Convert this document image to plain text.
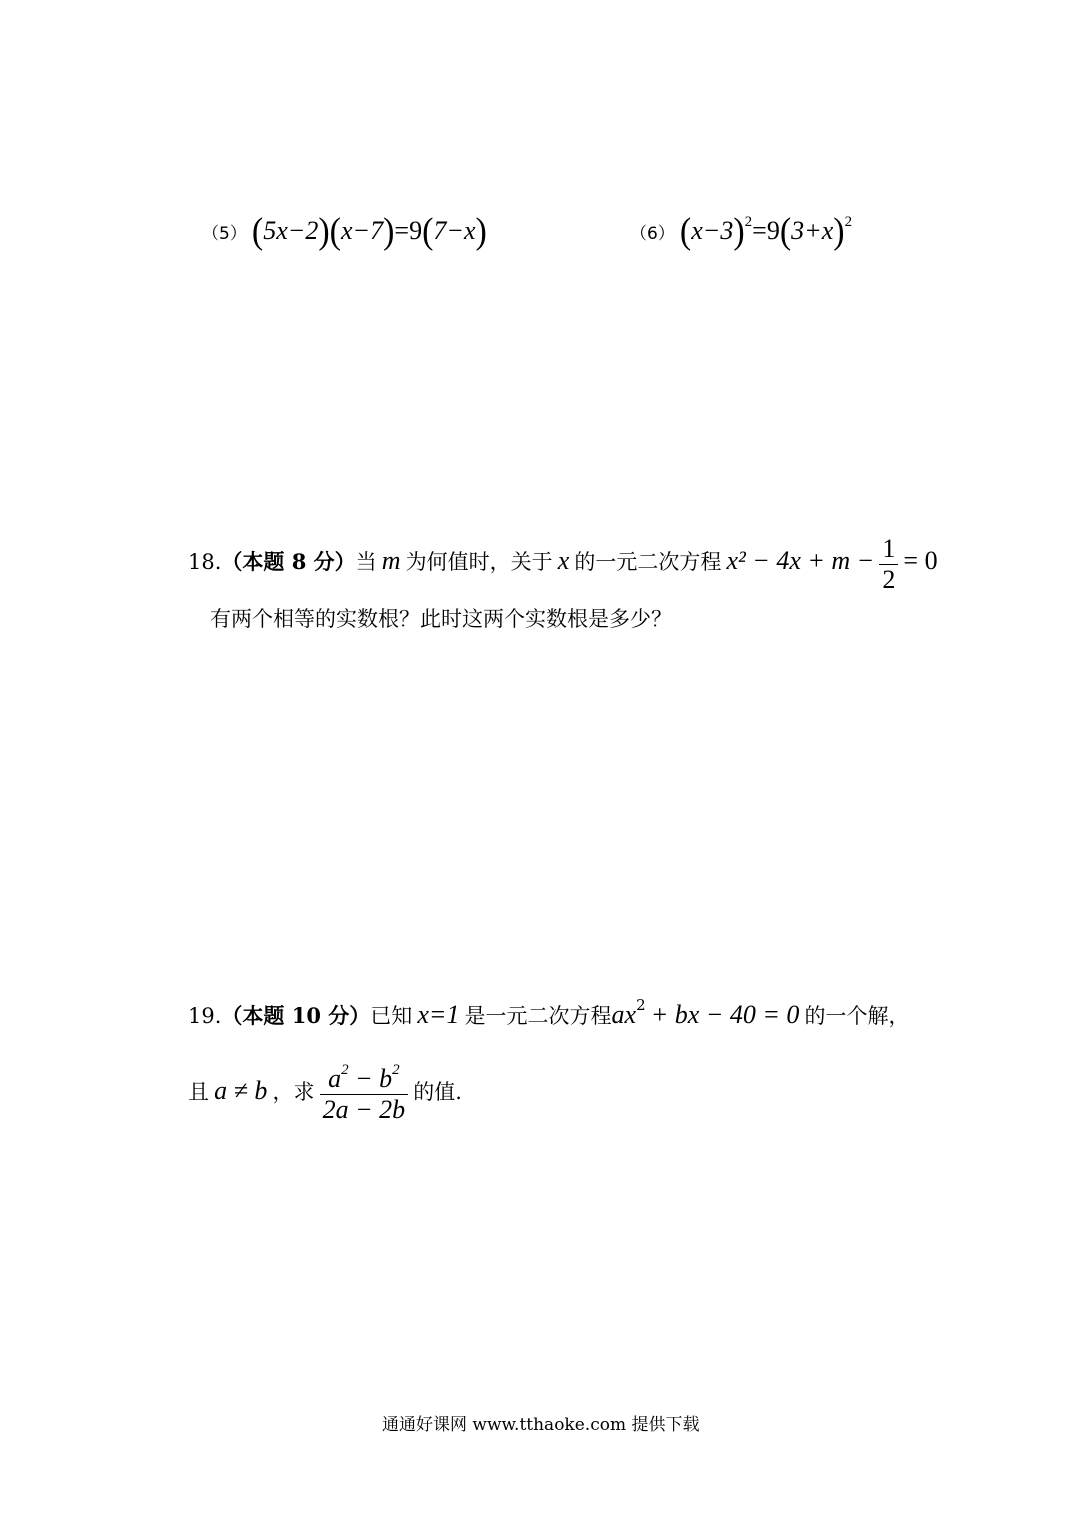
（5） (5x−2)(x−7)=9(7−x)	（6） $(x-3)^2=9(3+x)^2$
18.（本题 8 分）当 m 为何值时，关于 x 的一元二次方程 $x^2 - 4x + m - \frac{1}{2} = 0$
有两个相等的实数根？此时这两个实数根是多少？
19.（本题 10 分）已知 x=1 是一元二次方程ax2 + bx − 40 = 0 的一个解，
且 a ≠ b ，求 $\frac{a^2 - b^2}{2a - 2b}$ 的值.
通通好课网 www.tthaoke.com 提供下载
